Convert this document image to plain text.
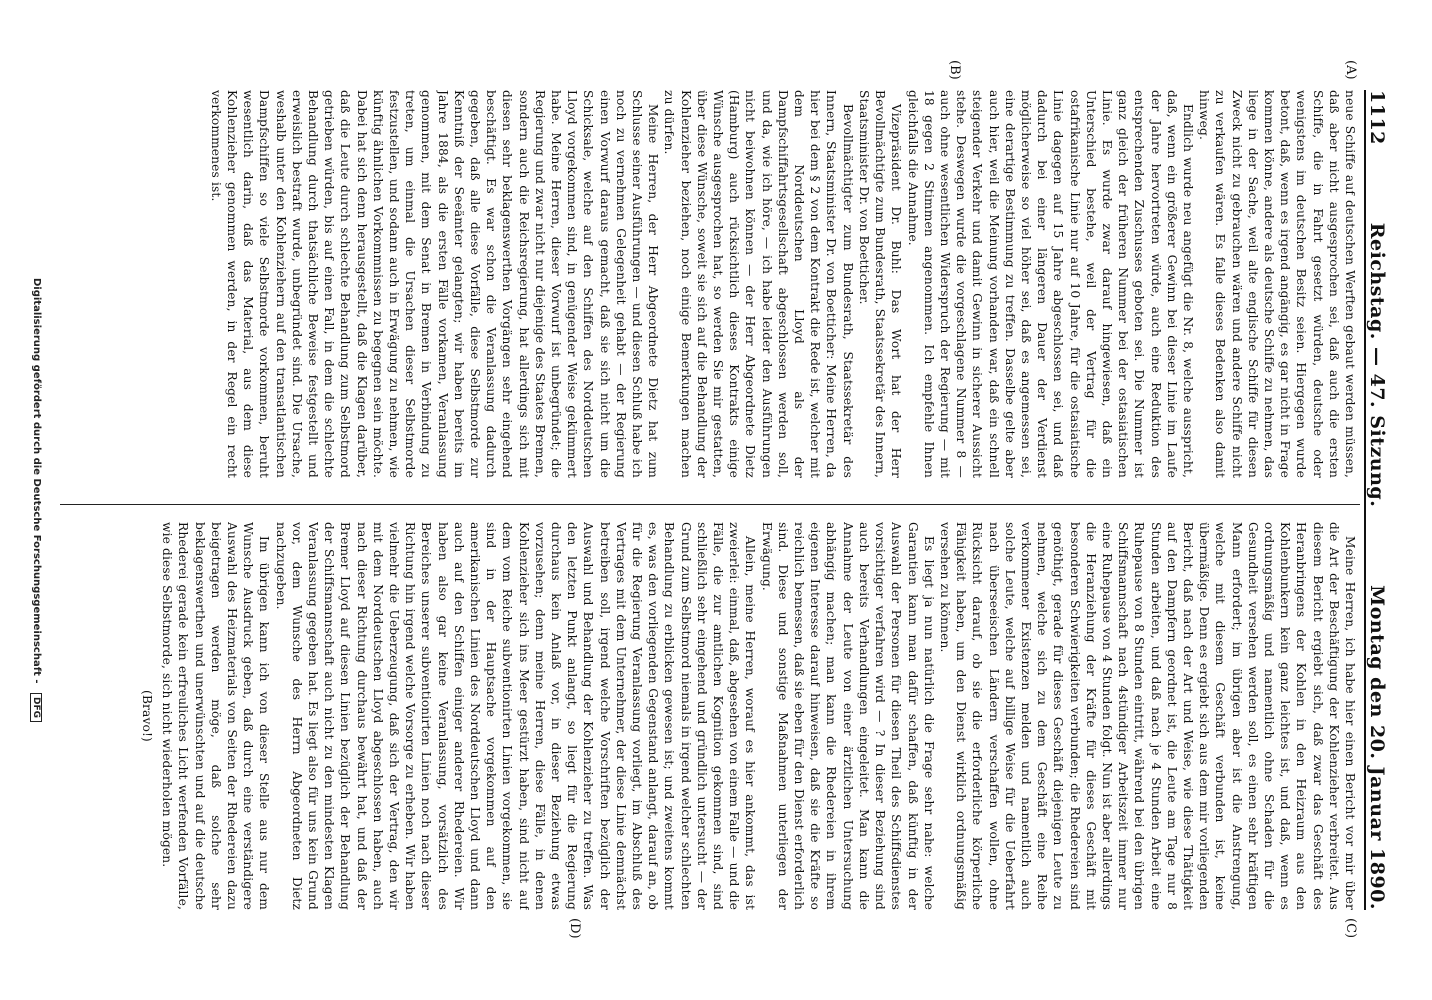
1112
Reichstag. — 47. Sitzung.
Montag den 20. Januar 1890.
(A)
(B)
(C)
(D)

neue Schiffe auf deutschen Werften gebaut werden müssen, daß aber nicht ausgesprochen sei, daß auch die ersten Schiffe, die in Fahrt gesetzt würden, deutsche oder wenigstens im deutschen Besitz seien. Hiergegen wurde betont, daß, wenn es irgend angängig, es gar nicht in Frage kommen könne, andere als deutsche Schiffe zu nehmen, das liege in der Sache, weil alte englische Schiffe für diesen Zweck nicht zu gebrauchen wären und andere Schiffe nicht zu verkaufen wären. Es falle dieses Bedenken also damit hinweg.

Endlich wurde neu angefügt die Nr. 8, welche ausspricht, daß, wenn ein größerer Gewinn bei dieser Linie im Laufe der Jahre hervortreten würde, auch eine Reduktion des entsprechenden Zuschusses geboten sei. Die Nummer ist ganz gleich der früheren Nummer bei der ostasiatischen Linie. Es wurde zwar darauf hingewiesen, daß ein Unterschied bestehe, weil der Vertrag für die ostafrikanische Linie nur auf 10 Jahre, für die ostasiatische Linie dagegen auf 15 Jahre abgeschlossen sei, und daß dadurch bei einer längeren Dauer der Verdienst möglicherweise so viel höher sei, daß es angemessen sei, eine derartige Bestimmung zu treffen. Dasselbe gelte aber auch hier, weil die Meinung vorhanden war, daß ein schnell steigender Verkehr und damit Gewinn in sicherer Aussicht stehe. Deswegen wurde die vorgeschlagene Nummer 8 — auch ohne wesentlichen Widerspruch der Regierung — mit 18 gegen 2 Stimmen angenommen. Ich empfehle Ihnen gleichfalls die Annahme.

Vizepräsident Dr. Buhl: Das Wort hat der Herr Bevollmächtigte zum Bundesrath, Staatssekretär des Innern, Staatsminister Dr. von Boetticher.

Bevollmächtigter zum Bundesrath, Staatssekretär des Innern, Staatsminister Dr. von Boetticher: Meine Herren, da hier bei dem § 2 von dem Kontrakt die Rede ist, welcher mit dem Norddeutschen Lloyd als der Dampfschiffahrtsgesellschaft abgeschlossen werden soll, und da, wie ich höre, — ich habe leider den Ausführungen nicht beiwohnen können — der Herr Abgeordnete Dietz (Hamburg) auch rücksichtlich dieses Kontrakts einige Wünsche ausgesprochen hat, so werden Sie mir gestatten, über diese Wünsche, soweit sie sich auf die Behandlung der Kohlenzieher beziehen, noch einige Bemerkungen machen zu dürfen.

Meine Herren, der Herr Abgeordnete Dietz hat zum Schlusse seiner Ausführungen — und diesen Schluß habe ich noch zu vernehmen Gelegenheit gehabt — der Regierung einen Vorwurf daraus gemacht, daß sie sich nicht um die Schicksale, welche auf den Schiffen des Norddeutschen Lloyd vorgekommen sind, in genügender Weise gekümmert habe. Meine Herren, dieser Vorwurf ist unbegründet; die Regierung und zwar nicht nur diejenige des Staates Bremen, sondern auch die Reichsregierung, hat allerdings sich mit diesen sehr beklagenswerthen Vorgängen sehr eingehend beschäftigt. Es war schon die Veranlassung dadurch gegeben, daß alle diese Vorfälle, diese Selbstmorde zur Kenntniß der Seeämter gelangten; wir haben bereits im Jahre 1884, als die ersten Fälle vorkamen, Veranlassung genommen, mit dem Senat in Bremen in Verbindung zu treten, um einmal die Ursachen dieser Selbstmorde festzustellen, und sodann auch in Erwägung zu nehmen, wie künftig ähnlichen Vorkommnissen zu begegnen sein möchte. Dabei hat sich denn herausgestellt, daß die Klagen darüber, daß die Leute durch schlechte Behandlung zum Selbstmord getrieben würden, bis auf einen Fall, in dem die schlechte Behandlung durch thatsächliche Beweise festgestellt und erweislich bestraft wurde, unbegründet sind. Die Ursache, weshalb unter den Kohlenziehern auf den transatlantischen Dampfschiffen so viele Selbstmorde vorkommen, beruht wesentlich darin, daß das Material, aus dem diese Kohlenzieher genommen werden, in der Regel ein recht verkommenes ist.

Meine Herren, ich habe hier einen Bericht vor mir über die Art der Beschäftigung der Kohlenzieher verbreitet. Aus diesem Bericht ergiebt sich, daß zwar das Geschäft des Heranbringens der Kohlen in den Heizraum aus den Kohlenbunkern kein ganz leichtes ist, und daß, wenn es ordnungsmäßig und namentlich ohne Schaden für die Gesundheit versehen werden soll, es einen sehr kräftigen Mann erfordert; im übrigen aber ist die Anstrengung, welche mit diesem Geschäft verbunden ist, keine übermäßige. Denn es ergiebt sich aus dem mir vorliegenden Bericht, daß nach der Art und Weise, wie diese Thätigkeit auf den Dampfern geordnet ist, die Leute am Tage nur 8 Stunden arbeiten, und daß nach je 4 Stunden Arbeit eine Ruhepause von 8 Stunden eintritt, während bei den übrigen Schiffsmannschaft nach 4stündiger Arbeitszeit immer nur eine Ruhepause von 4 Stunden folgt. Nun ist aber allerdings die Heranziehung der Kräfte für dieses Geschäft mit besonderen Schwierigkeiten verbunden; die Rhedereien sind genöthigt, gerade für dieses Geschäft diejenigen Leute zu nehmen, welche sich zu dem Geschäft eine Reihe verkommener Existenzen melden und namentlich auch solche Leute, welche auf billige Weise für die Ueberfahrt nach überseeischen Ländern verschaffen wollen, ohne Rücksicht darauf, ob sie die erforderliche körperliche Fähigkeit haben, um den Dienst wirklich ordnungsmäßig versehen zu können.

Es liegt ja nun natürlich die Frage sehr nahe: welche Garantien kann man dafür schaffen, daß künftig in der Auswahl der Personen für diesen Theil des Schiffsdienstes vorsichtiger verfahren wird — ? In dieser Beziehung sind auch bereits Verhandlungen eingeleitet. Man kann die Annahme der Leute von einer ärztlichen Untersuchung abhängig machen; man kann die Rhedereien in ihrem eigenen Interesse darauf hinweisen, daß sie die Kräfte so reichlich bemessen, daß sie eben für den Dienst erforderlich sind. Diese und sonstige Maßnahmen unterliegen der Erwägung.

Allein, meine Herren, worauf es hier ankommt, das ist zweierlei: einmal, daß, abgesehen von einem Falle — und die Fälle, die zur amtlichen Kognition gekommen sind, sind schließlich sehr eingehend und gründlich untersucht — der Grund zum Selbstmord niemals in irgend welcher schlechten Behandlung zu erblicken gewesen ist; und zweitens kommt es, was den vorliegenden Gegenstand anlangt, darauf an, ob für die Regierung Veranlassung vorliegt, im Abschluß des Vertrages mit dem Unternehmer, der diese Linie demnächst betreiben soll, irgend welche Vorschriften bezüglich der Auswahl und Behandlung der Kohlenzieher zu treffen. Was den letzten Punkt anlangt, so liegt für die Regierung durchaus kein Anlaß vor, in dieser Beziehung etwas vorzusehen; denn meine Herren, diese Fälle, in denen Kohlenzieher sich ins Meer gestürzt haben, sind nicht auf dem vom Reiche subventionirten Linien vorgekommen, sie sind in der Hauptsache vorgekommen auf den amerikanischen Linien des Norddeutschen Lloyd und dann auch auf den Schiffen einiger anderer Rhedereien. Wir haben also gar keine Veranlassung, vorsätzlich des Bereiches unserer subventionirten Linien noch nach dieser Richtung hin irgend welche Vorsorge zu erheben. Wir haben vielmehr die Ueberzeugung, daß sich der Vertrag, den wir mit dem Norddeutschen Lloyd abgeschlossen haben, auch nach dieser Richtung durchaus bewährt hat, und daß der Bremer Lloyd auf diesen Linien bezüglich der Behandlung der Schiffsmannschaft auch nicht zu den mindesten Klagen Veranlassung gegeben hat. Es liegt also für uns kein Grund vor, dem Wunsche des Herrn Abgeordneten Dietz nachzugeben.

Im übrigen kann ich von dieser Stelle aus nur dem Wunsche Ausdruck geben, daß durch eine verständigere Auswahl des Heizmaterials von Seiten der Rhedereien dazu beigetragen werden möge, daß solche sehr beklagenswerthen und unerwünschten und auf die deutsche Rhederei gerade kein erfreuliches Licht werfenden Vorfälle, wie diese Selbstmorde, sich nicht wiederholen mögen.

(Bravo!)

Digitalisierung gefördert durch die Deutsche Forschungsgemeinschaft - DFG
